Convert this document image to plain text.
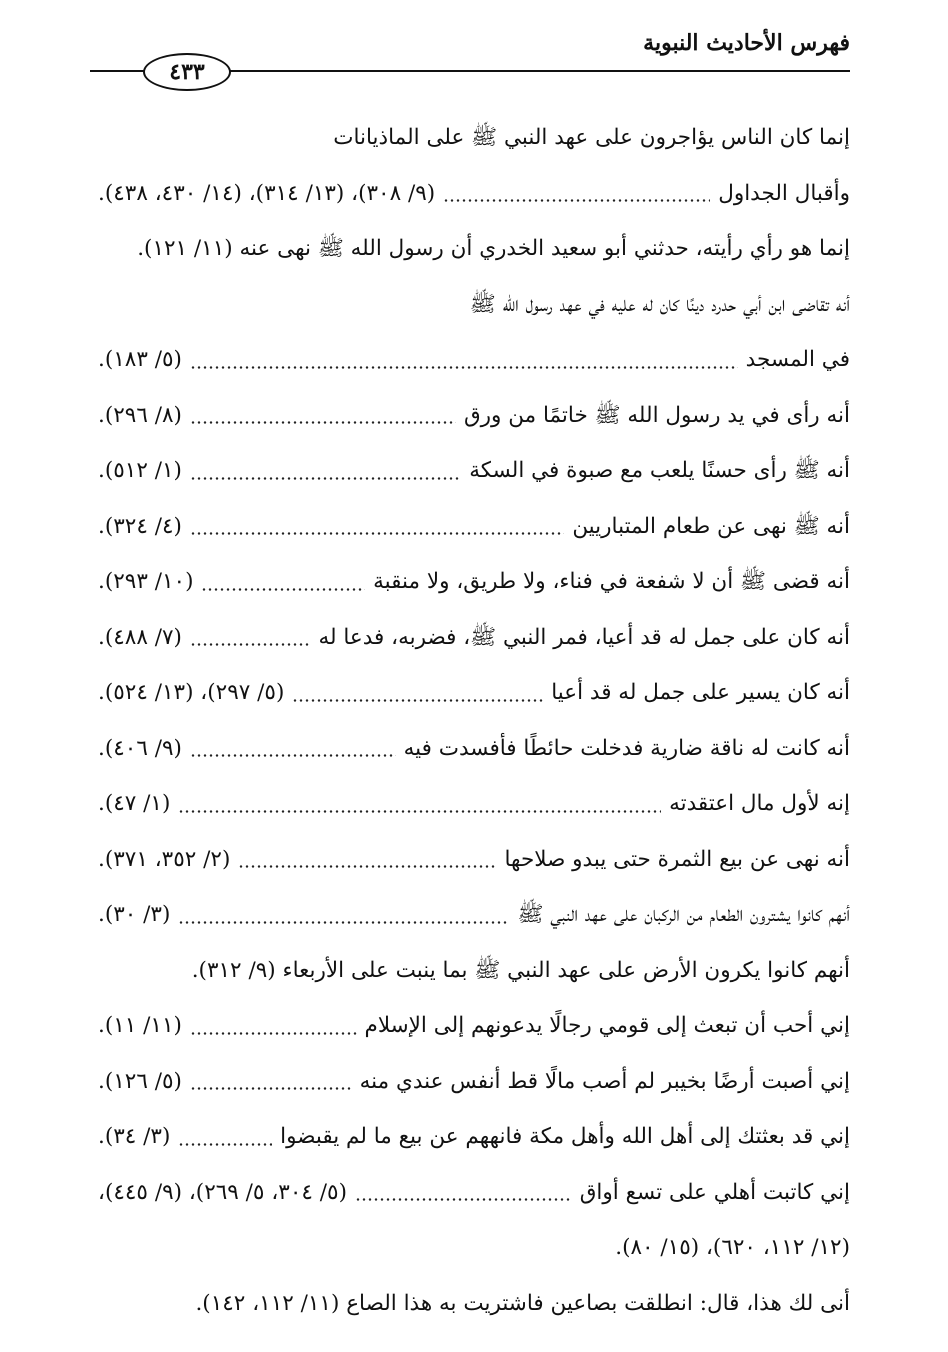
فهرس الأحاديث النبوية
٤٣٣
إنما كان الناس يؤاجرون على عهد النبي ﷺ على الماذيانات
وأقبال الجداول
(٩/ ٣٠٨)، (١٣/ ٣١٤)، (١٤/ ٤٣٠، ٤٣٨).
إنما هو رأي رأيته، حدثني أبو سعيد الخدري أن رسول الله ﷺ نهى عنه (١١/ ١٢١).
أنه تقاضى ابن أبي حدرد دينًا كان له عليه في عهد رسول الله ﷺ
في المسجد
(٥/ ١٨٣).
أنه رأى في يد رسول الله ﷺ خاتمًا من ورق
(٨/ ٢٩٦).
أنه ﷺ رأى حسنًا يلعب مع صبوة في السكة
(١/ ٥١٢).
أنه ﷺ نهى عن طعام المتباريين
(٤/ ٣٢٤).
أنه قضى ﷺ أن لا شفعة في فناء، ولا طريق، ولا منقبة
(١٠/ ٢٩٣).
أنه كان على جمل له قد أعيا، فمر النبي ﷺ، فضربه، فدعا له
(٧/ ٤٨٨).
أنه كان يسير على جمل له قد أعيا
(٥/ ٢٩٧)، (١٣/ ٥٢٤).
أنه كانت له ناقة ضارية فدخلت حائطًا فأفسدت فيه
(٩/ ٤٠٦).
إنه لأول مال اعتقدته
(١/ ٤٧).
أنه نهى عن بيع الثمرة حتى يبدو صلاحها
(٢/ ٣٥٢، ٣٧١).
أنهم كانوا يشترون الطعام من الركبان على عهد النبي ﷺ
(٣/ ٣٠).
أنهم كانوا يكرون الأرض على عهد النبي ﷺ بما ينبت على الأربعاء (٩/ ٣١٢).
إني أحب أن تبعث إلى قومي رجالًا يدعونهم إلى الإسلام
(١١/ ١١).
إني أصبت أرضًا بخيبر لم أصب مالًا قط أنفس عندي منه
(٥/ ١٢٦).
إني قد بعثتك إلى أهل الله وأهل مكة فانههم عن بيع ما لم يقبضوا
(٣/ ٣٤).
إني كاتبت أهلي على تسع أواق
(٥/ ٣٠٤، ٥/ ٢٦٩)، (٩/ ٤٤٥)،
(١٢/ ١١٢، ٦٢٠)، (١٥/ ٨٠).
أنى لك هذا، قال: انطلقت بصاعين فاشتريت به هذا الصاع (١١/ ١١٢، ١٤٢).
